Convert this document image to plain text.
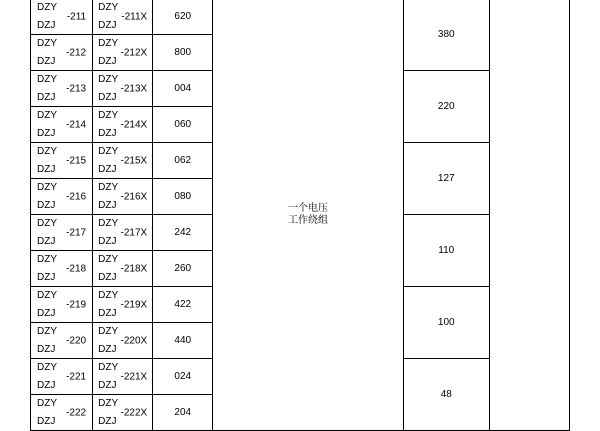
DZY
DZJ
-211	DZY
DZJ
-211X	620	一个电压
工作绕组	380	

DZY
DZJ
-212	DZY
DZJ
-212X	800			

DZY
DZJ
-213	DZY
DZJ
-213X	004		220	

DZY
DZJ
-214	DZY
DZJ
-214X	060			

DZY
DZJ
-215	DZY
DZJ
-215X	062		127	

DZY
DZJ
-216	DZY
DZJ
-216X	080			

DZY
DZJ
-217	DZY
DZJ
-217X	242		110	

DZY
DZJ
-218	DZY
DZJ
-218X	260			

DZY
DZJ
-219	DZY
DZJ
-219X	422		100	

DZY
DZJ
-220	DZY
DZJ
-220X	440			

DZY
DZJ
-221	DZY
DZJ
-221X	024		48	

DZY
DZJ
-222	DZY
DZJ
-222X	204			
